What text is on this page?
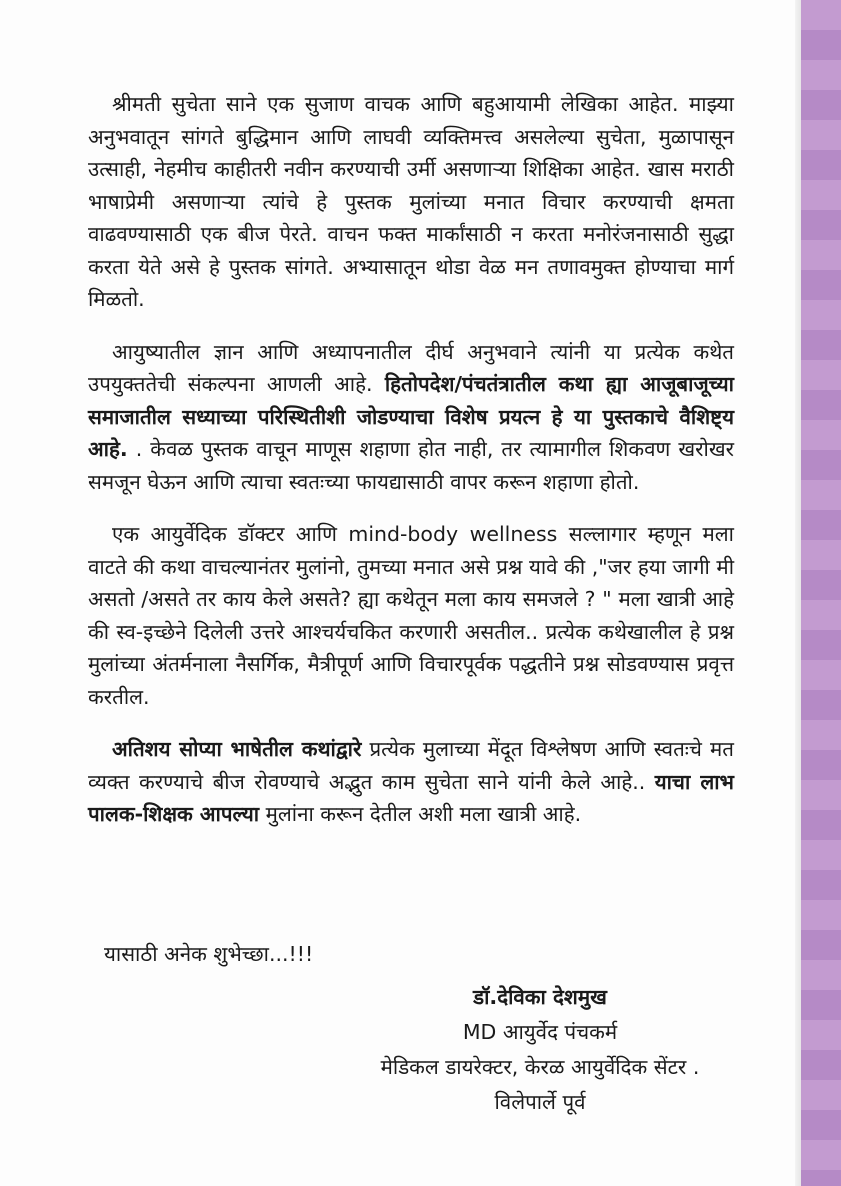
श्रीमती सुचेता साने एक सुजाण वाचक आणि बहुआयामी लेखिका आहेत. माझ्या अनुभवातून सांगते बुद्धिमान आणि लाघवी व्यक्तिमत्त्व असलेल्या सुचेता, मुळापासून उत्साही, नेहमीच काहीतरी नवीन करण्याची उर्मी असणाऱ्या शिक्षिका आहेत. खास मराठी भाषाप्रेमी असणाऱ्या त्यांचे हे पुस्तक मुलांच्या मनात विचार करण्याची क्षमता वाढवण्यासाठी एक बीज पेरते. वाचन फक्त मार्कांसाठी न करता मनोरंजनासाठी सुद्धा करता येते असे हे पुस्तक सांगते. अभ्यासातून थोडा वेळ मन तणावमुक्त होण्याचा मार्ग मिळतो.

आयुष्यातील ज्ञान आणि अध्यापनातील दीर्घ अनुभवाने त्यांनी या प्रत्येक कथेत उपयुक्ततेची संकल्पना आणली आहे. हितोपदेश/पंचतंत्रातील कथा ह्या आजूबाजूच्या समाजातील सध्याच्या परिस्थितीशी जोडण्याचा विशेष प्रयत्न हे या पुस्तकाचे वैशिष्ट्य आहे. . केवळ पुस्तक वाचून माणूस शहाणा होत नाही, तर त्यामागील शिकवण खरोखर समजून घेऊन आणि त्याचा स्वतःच्या फायद्यासाठी वापर करून शहाणा होतो.

एक आयुर्वेदिक डॉक्टर आणि mind-body wellness सल्लागार म्हणून मला वाटते की कथा वाचल्यानंतर मुलांनो, तुमच्या मनात असे प्रश्न यावे की ,"जर हया जागी मी असतो /असते तर काय केले असते? ह्या कथेतून मला काय समजले ? " मला खात्री आहे की स्व-इच्छेने दिलेली उत्तरे आश्चर्यचकित करणारी असतील.. प्रत्येक कथेखालील हे प्रश्न मुलांच्या अंतर्मनाला नैसर्गिक, मैत्रीपूर्ण आणि विचारपूर्वक पद्धतीने प्रश्न सोडवण्यास प्रवृत्त करतील.

अतिशय सोप्या भाषेतील कथांद्वारे प्रत्येक मुलाच्या मेंदूत विश्लेषण आणि स्वतःचे मत व्यक्त करण्याचे बीज रोवण्याचे अद्भुत काम सुचेता साने यांनी केले आहे.. याचा लाभ पालक-शिक्षक आपल्या मुलांना करून देतील अशी मला खात्री आहे.

यासाठी अनेक शुभेच्छा...!!!
डॉ.देविका देशमुख
MD आयुर्वेद पंचकर्म
मेडिकल डायरेक्टर, केरळ आयुर्वेदिक सेंटर .
विलेपार्ले पूर्व
